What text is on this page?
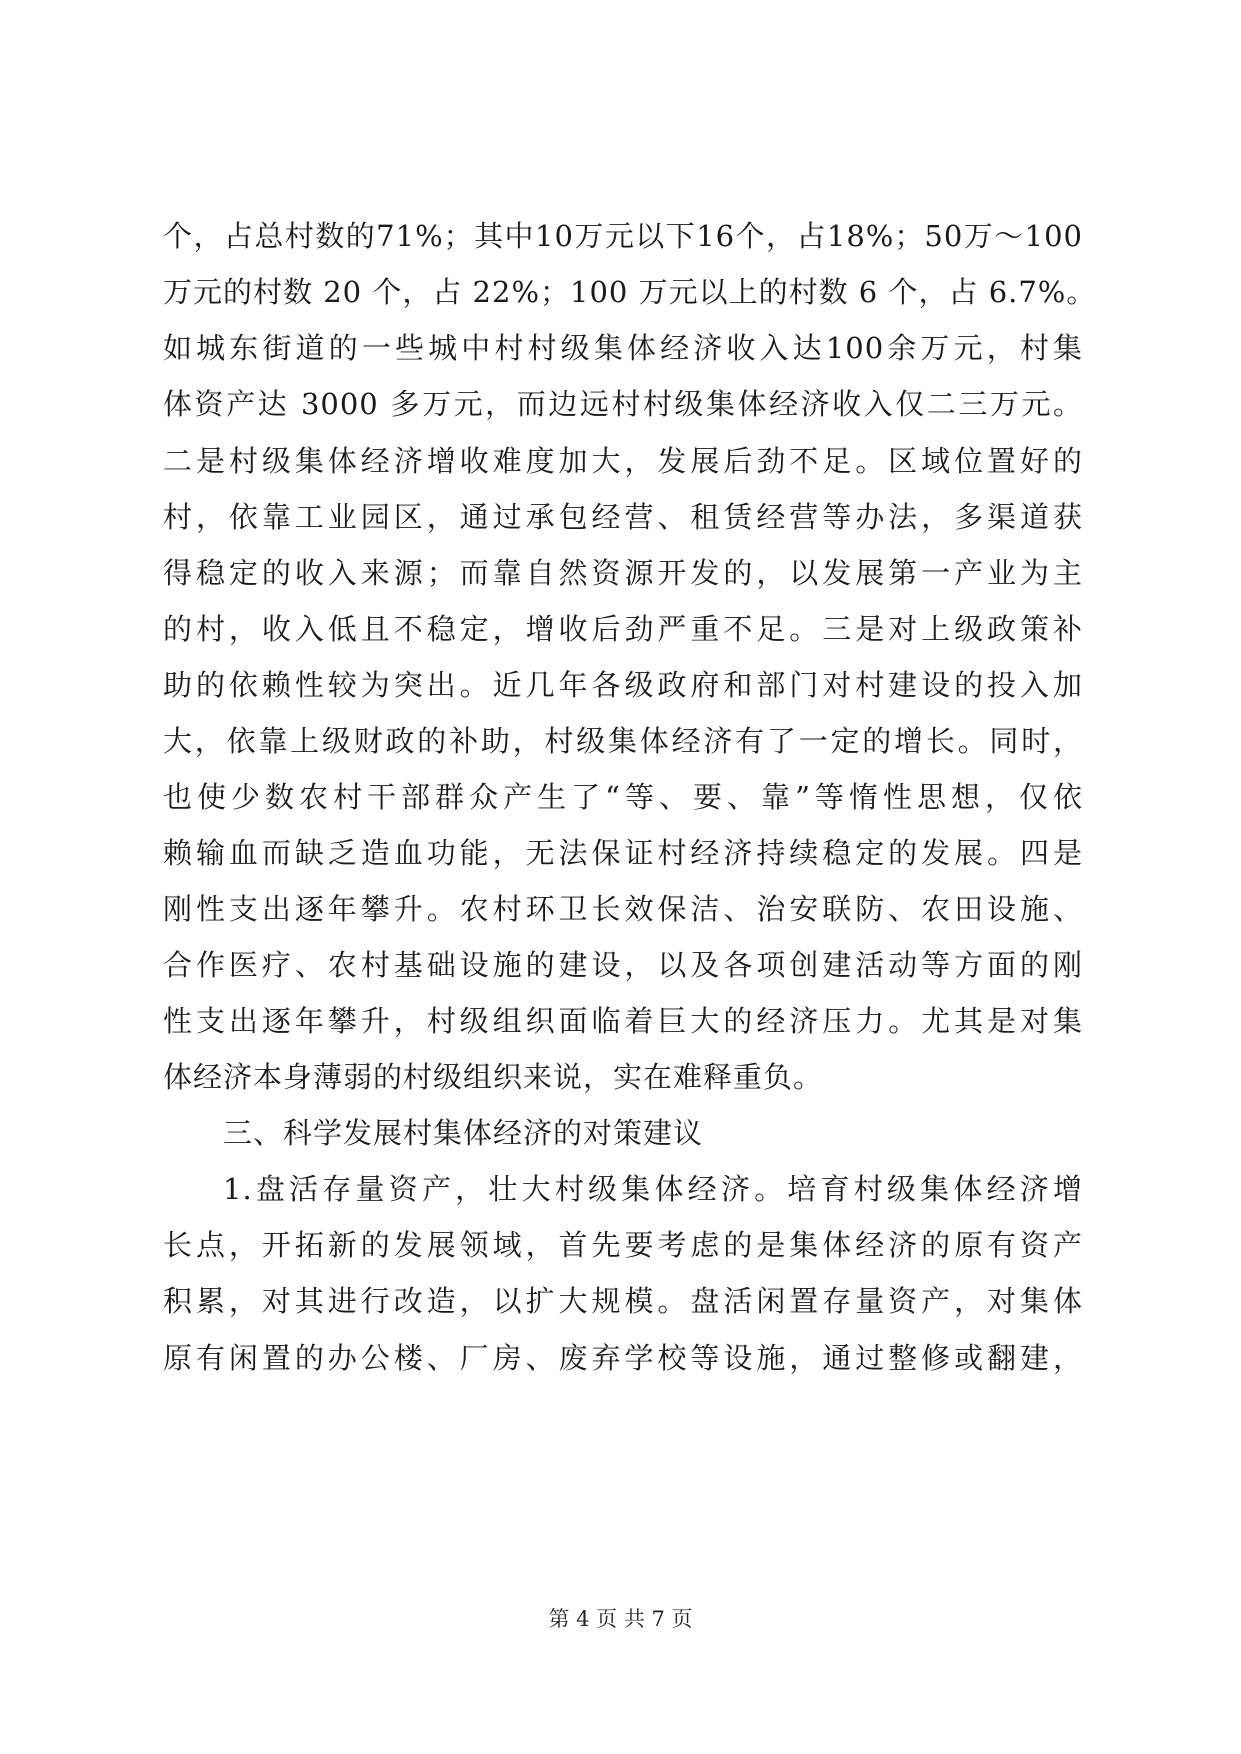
个，占总村数的71%；其中10万元以下16个，占18%；50万～100
万元的村数 20 个，占 22%；100 万元以上的村数 6 个，占 6.7%。
如城东街道的一些城中村村级集体经济收入达100余万元，村集
体资产达 3000 多万元，而边远村村级集体经济收入仅二三万元。
二是村级集体经济增收难度加大，发展后劲不足。区域位置好的
村，依靠工业园区，通过承包经营、租赁经营等办法，多渠道获
得稳定的收入来源；而靠自然资源开发的，以发展第一产业为主
的村，收入低且不稳定，增收后劲严重不足。三是对上级政策补
助的依赖性较为突出。近几年各级政府和部门对村建设的投入加
大，依靠上级财政的补助，村级集体经济有了一定的增长。同时，
也使少数农村干部群众产生了“等、要、靠”等惰性思想，仅依
赖输血而缺乏造血功能，无法保证村经济持续稳定的发展。四是
刚性支出逐年攀升。农村环卫长效保洁、治安联防、农田设施、
合作医疗、农村基础设施的建设，以及各项创建活动等方面的刚
性支出逐年攀升，村级组织面临着巨大的经济压力。尤其是对集
体经济本身薄弱的村级组织来说，实在难释重负。
三、科学发展村集体经济的对策建议
1.盘活存量资产，壮大村级集体经济。培育村级集体经济增
长点，开拓新的发展领域，首先要考虑的是集体经济的原有资产
积累，对其进行改造，以扩大规模。盘活闲置存量资产，对集体
原有闲置的办公楼、厂房、废弃学校等设施，通过整修或翻建，
第 4 页 共 7 页
